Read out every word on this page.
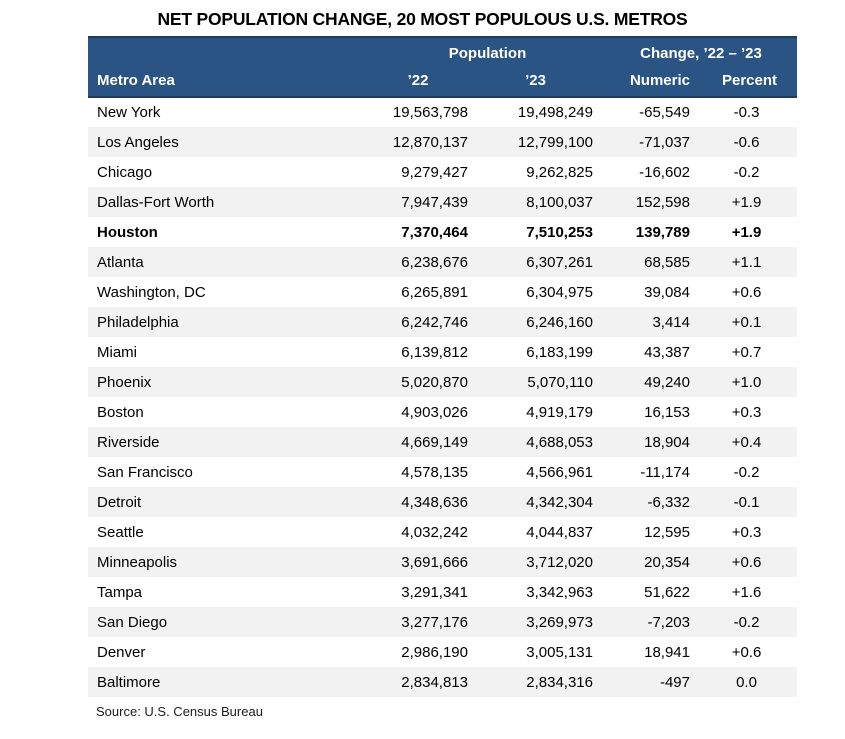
NET POPULATION CHANGE, 20 MOST POPULOUS U.S. METROS
	Population		Change, ’22 – ’23	
Metro Area	’22	’23	Numeric	Percent
New York	19,563,798	19,498,249	-65,549	-0.3
Los Angeles	12,870,137	12,799,100	-71,037	-0.6
Chicago	9,279,427	9,262,825	-16,602	-0.2
Dallas-Fort Worth	7,947,439	8,100,037	152,598	+1.9
Houston	7,370,464	7,510,253	139,789	+1.9
Atlanta	6,238,676	6,307,261	68,585	+1.1
Washington, DC	6,265,891	6,304,975	39,084	+0.6
Philadelphia	6,242,746	6,246,160	3,414	+0.1
Miami	6,139,812	6,183,199	43,387	+0.7
Phoenix	5,020,870	5,070,110	49,240	+1.0
Boston	4,903,026	4,919,179	16,153	+0.3
Riverside	4,669,149	4,688,053	18,904	+0.4
San Francisco	4,578,135	4,566,961	-11,174	-0.2
Detroit	4,348,636	4,342,304	-6,332	-0.1
Seattle	4,032,242	4,044,837	12,595	+0.3
Minneapolis	3,691,666	3,712,020	20,354	+0.6
Tampa	3,291,341	3,342,963	51,622	+1.6
San Diego	3,277,176	3,269,973	-7,203	-0.2
Denver	2,986,190	3,005,131	18,941	+0.6
Baltimore	2,834,813	2,834,316	-497	0.0
Source: U.S. Census Bureau
